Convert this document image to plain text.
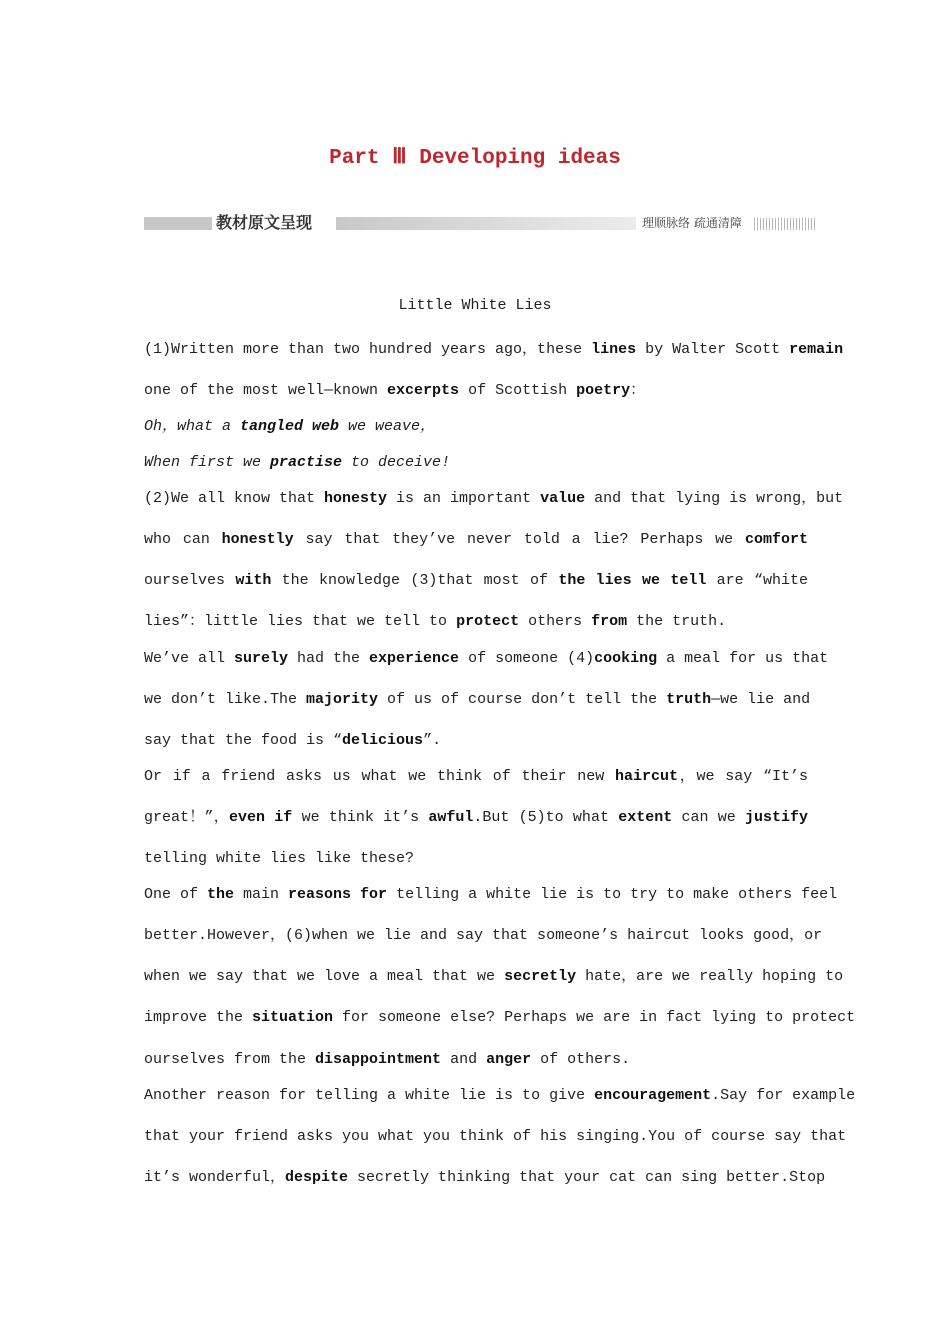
Part Ⅲ Developing ideas
教材原文呈现	理顺脉络 疏通清障
Little White Lies
(1)Written more than two hundred years ago，these lines by Walter Scott remain
one of the most well—known excerpts of Scottish poetry：
Oh，what a tangled web we weave，
When first we practise to deceive!
(2)We all know that honesty is an important value and that lying is wrong，but
who can honestly say that they’ve never told a lie? Perhaps we comfort
ourselves with the knowledge (3)that most of the lies we tell are “white
lies”：little lies that we tell to protect others from the truth.
We’ve all surely had the experience of someone (4)cooking a meal for us that
we don’t like.The majority of us of course don’t tell the truth—we lie and
say that the food is “delicious”.
Or if a friend asks us what we think of their new haircut，we say “It’s
great！”，even if we think it’s awful.But (5)to what extent can we justify
telling white lies like these?
One of the main reasons for telling a white lie is to try to make others feel
better.However，(6)when we lie and say that someone’s haircut looks good，or
when we say that we love a meal that we secretly hate，are we really hoping to
improve the situation for someone else? Perhaps we are in fact lying to protect
ourselves from the disappointment and anger of others.
Another reason for telling a white lie is to give encouragement.Say for example
that your friend asks you what you think of his singing.You of course say that
it’s wonderful，despite secretly thinking that your cat can sing better.Stop
